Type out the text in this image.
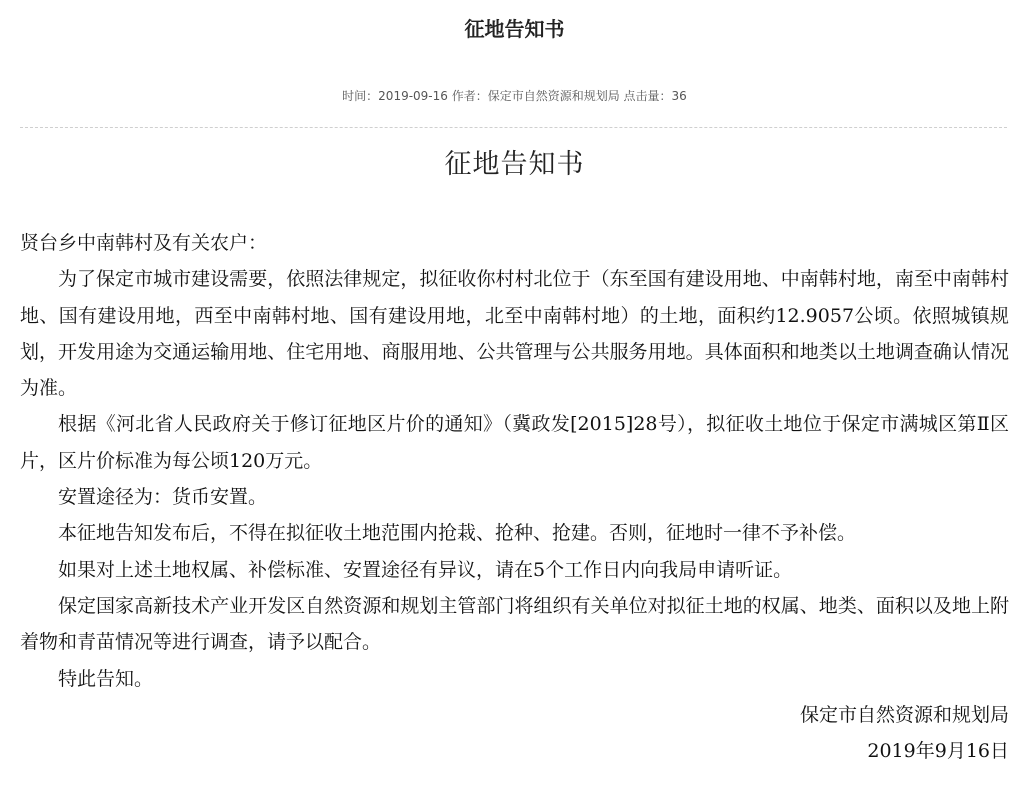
征地告知书
时间：2019-09-16 作者：保定市自然资源和规划局 点击量：36
征地告知书

贤台乡中南韩村及有关农户：

为了保定市城市建设需要，依照法律规定，拟征收你村村北位于（东至国有建设用地、中南韩村地，南至中南韩村地、国有建设用地，西至中南韩村地、国有建设用地，北至中南韩村地）的土地，面积约12.9057公顷。依照城镇规划，开发用途为交通运输用地、住宅用地、商服用地、公共管理与公共服务用地。具体面积和地类以土地调查确认情况为准。

根据《河北省人民政府关于修订征地区片价的通知》（冀政发[2015]28号），拟征收土地位于保定市满城区第Ⅱ区片，区片价标准为每公顷120万元。

安置途径为：货币安置。

本征地告知发布后，不得在拟征收土地范围内抢栽、抢种、抢建。否则，征地时一律不予补偿。

如果对上述土地权属、补偿标准、安置途径有异议，请在5个工作日内向我局申请听证。

保定国家高新技术产业开发区自然资源和规划主管部门将组织有关单位对拟征土地的权属、地类、面积以及地上附着物和青苗情况等进行调查，请予以配合。

特此告知。

保定市自然资源和规划局

2019年9月16日
